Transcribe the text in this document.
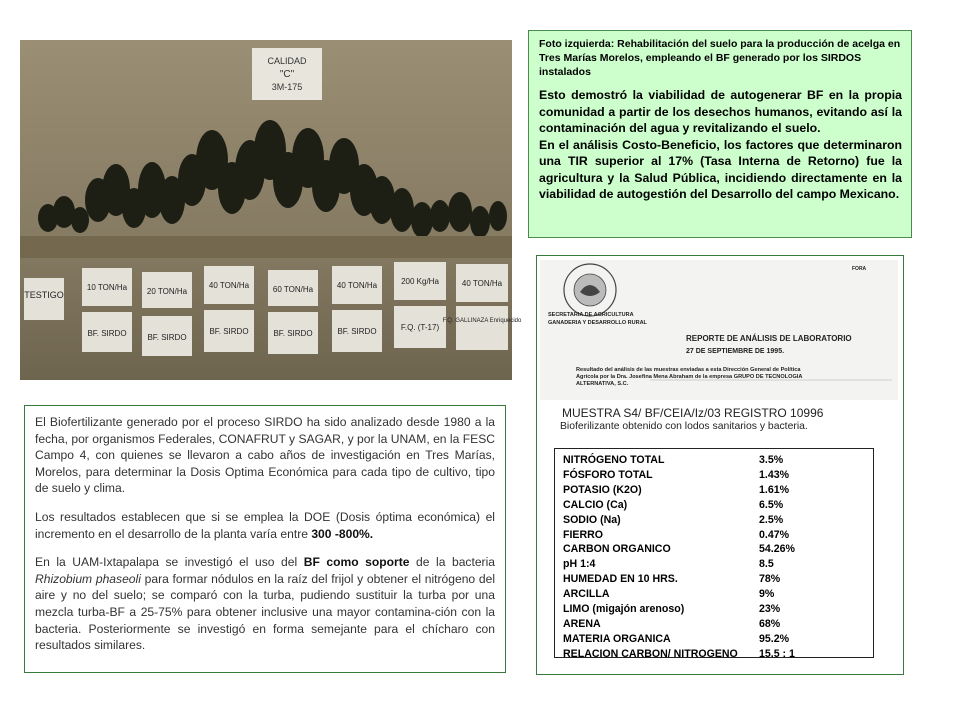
CALIDAD
"C"
3M-175
TESTIGO
10 TON/Ha
BF. SIRDO
20 TON/Ha
BF. SIRDO
40 TON/Ha
BF. SIRDO
60 TON/Ha
BF. SIRDO
40 TON/Ha
BF. SIRDO
200 Kg/Ha
F.Q. (T-17)
40 TON/Ha
F.Q. GALLINAZA Enriquecido

Foto izquierda: Rehabilitación del suelo para la producción de acelga en Tres Marías Morelos, empleando el BF generado por los SIRDOS instalados

Esto demostró la viabilidad de autogenerar BF en la propia comunidad a partir de los desechos humanos, evitando así la contaminación del agua y revitalizando el suelo.

En el análisis Costo-Beneficio, los factores que determinaron una TIR superior al 17% (Tasa Interna de Retorno) fue la agricultura y la Salud Pública, incidiendo directamente en la viabilidad de autogestión del Desarrollo del campo Mexicano.

El Biofertilizante generado por el proceso SIRDO ha sido analizado desde 1980 a la fecha, por organismos Federales, CONAFRUT y SAGAR, y por la UNAM, en la FESC Campo 4, con quienes se llevaron a cabo años de investigación en Tres Marías, Morelos, para determinar la Dosis Optima Económica para cada tipo de cultivo, tipo de suelo y clima.

Los resultados establecen que si se emplea la DOE (Dosis óptima económica) el incremento en el desarrollo de la planta varía entre 300 -800%.

En la UAM-Ixtapalapa se investigó el uso del BF como soporte de la bacteria Rhizobium phaseoli para formar nódulos en la raíz del frijol y obtener el nitrógeno del aire y no del suelo; se comparó con la turba, pudiendo sustituir la turba por una mezcla turba-BF a 25-75% para obtener inclusive una mayor contamina-ción con la bacteria. Posteriormente se investigó en forma semejante para el chícharo con resultados similares.

SECRETARIA DE AGRICULTURA
GANADERIA Y DESARROLLO RURAL
FORA
REPORTE DE ANÁLISIS DE LABORATORIO
27 DE SEPTIEMBRE DE 1995.
Resultado del análisis de las muestras enviadas a esta Dirección General de Política
Agrícola por la Dra. Josefina Mena Abraham de la empresa GRUPO DE TECNOLOGIA
ALTERNATIVA, S.C.
MUESTRA S4/ BF/CEIA/Iz/03 REGISTRO 10996
Bioferilizante obtenido con lodos sanitarios y bacteria.
NITRÓGENO TOTAL	3.5%
FÓSFORO TOTAL	1.43%
POTASIO (K2O)	1.61%
CALCIO (Ca)	6.5%
SODIO (Na)	2.5%
FIERRO	0.47%
CARBON ORGANICO	54.26%
pH 1:4	8.5
HUMEDAD EN 10 HRS.	78%
ARCILLA	9%
LIMO (migajón arenoso)	23%
ARENA	68%
MATERIA ORGANICA	95.2%
RELACION CARBON/ NITROGENO	15.5 : 1
